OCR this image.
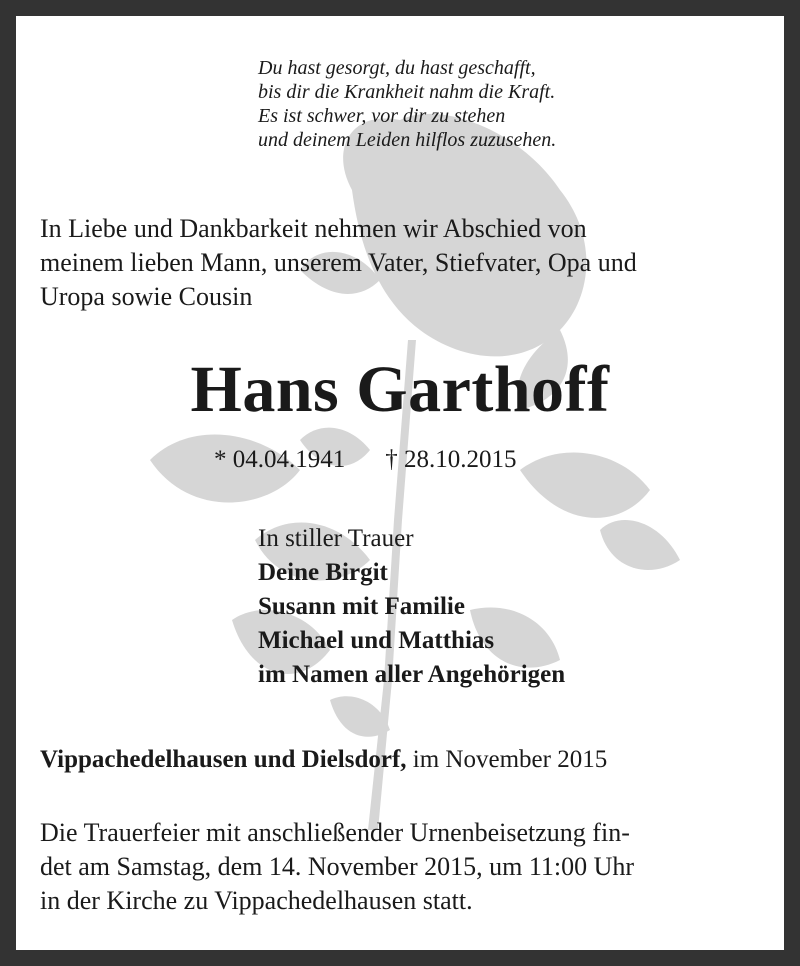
Du hast gesorgt, du hast geschafft,
bis dir die Krankheit nahm die Kraft.
Es ist schwer, vor dir zu stehen
und deinem Leiden hilflos zuzusehen.
In Liebe und Dankbarkeit nehmen wir Abschied von
meinem lieben Mann, unserem Vater, Stiefvater, Opa und
Uropa sowie Cousin
Hans Garthoff
* 04.04.1941 † 28.10.2015
In stiller Trauer
Deine Birgit
Susann mit Familie
Michael und Matthias
im Namen aller Angehörigen
Vippachedelhausen und Dielsdorf, im November 2015
Die Trauerfeier mit anschließender Urnenbeisetzung fin-
det am Samstag, dem 14. November 2015, um 11:00 Uhr
in der Kirche zu Vippachedelhausen statt.
